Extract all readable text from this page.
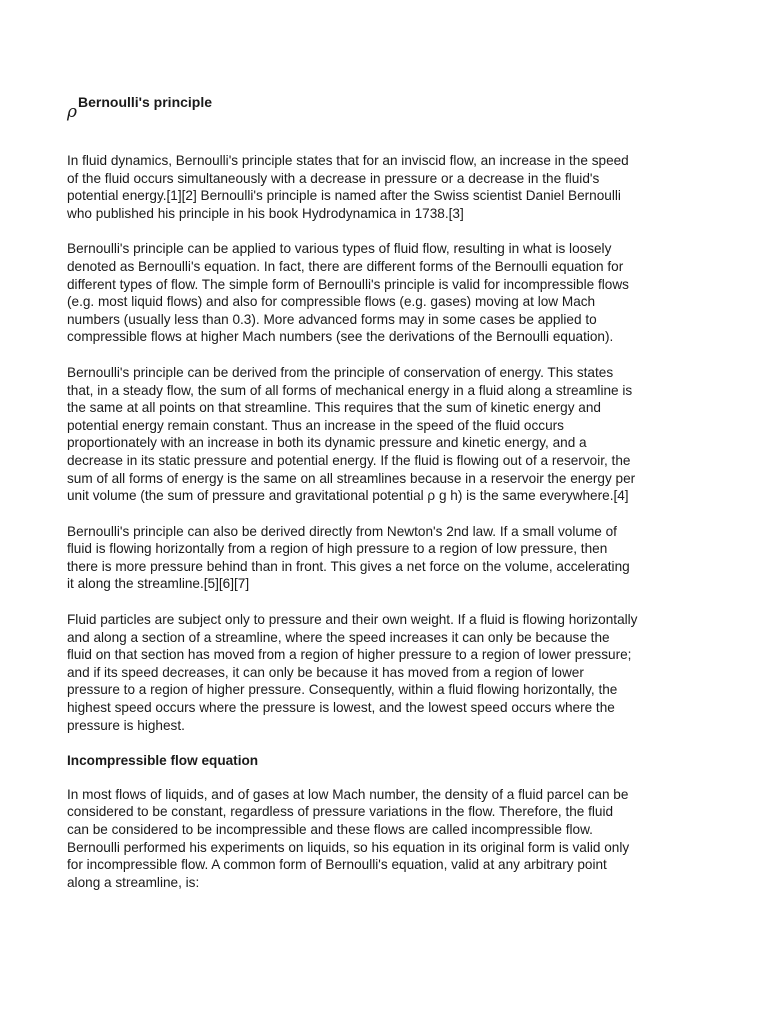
ρ Bernoulli's principle

In fluid dynamics, Bernoulli's principle states that for an inviscid flow, an increase in the speed
of the fluid occurs simultaneously with a decrease in pressure or a decrease in the fluid's
potential energy.[1][2] Bernoulli's principle is named after the Swiss scientist Daniel Bernoulli
who published his principle in his book Hydrodynamica in 1738.[3]

Bernoulli's principle can be applied to various types of fluid flow, resulting in what is loosely
denoted as Bernoulli's equation. In fact, there are different forms of the Bernoulli equation for
different types of flow. The simple form of Bernoulli's principle is valid for incompressible flows
(e.g. most liquid flows) and also for compressible flows (e.g. gases) moving at low Mach
numbers (usually less than 0.3). More advanced forms may in some cases be applied to
compressible flows at higher Mach numbers (see the derivations of the Bernoulli equation).

Bernoulli's principle can be derived from the principle of conservation of energy. This states
that, in a steady flow, the sum of all forms of mechanical energy in a fluid along a streamline is
the same at all points on that streamline. This requires that the sum of kinetic energy and
potential energy remain constant. Thus an increase in the speed of the fluid occurs
proportionately with an increase in both its dynamic pressure and kinetic energy, and a
decrease in its static pressure and potential energy. If the fluid is flowing out of a reservoir, the
sum of all forms of energy is the same on all streamlines because in a reservoir the energy per
unit volume (the sum of pressure and gravitational potential ρ g h) is the same everywhere.[4]

Bernoulli's principle can also be derived directly from Newton's 2nd law. If a small volume of
fluid is flowing horizontally from a region of high pressure to a region of low pressure, then
there is more pressure behind than in front. This gives a net force on the volume, accelerating
it along the streamline.[5][6][7]

Fluid particles are subject only to pressure and their own weight. If a fluid is flowing horizontally
and along a section of a streamline, where the speed increases it can only be because the
fluid on that section has moved from a region of higher pressure to a region of lower pressure;
and if its speed decreases, it can only be because it has moved from a region of lower
pressure to a region of higher pressure. Consequently, within a fluid flowing horizontally, the
highest speed occurs where the pressure is lowest, and the lowest speed occurs where the
pressure is highest.

Incompressible flow equation

In most flows of liquids, and of gases at low Mach number, the density of a fluid parcel can be
considered to be constant, regardless of pressure variations in the flow. Therefore, the fluid
can be considered to be incompressible and these flows are called incompressible flow.
Bernoulli performed his experiments on liquids, so his equation in its original form is valid only
for incompressible flow. A common form of Bernoulli's equation, valid at any arbitrary point
along a streamline, is:
